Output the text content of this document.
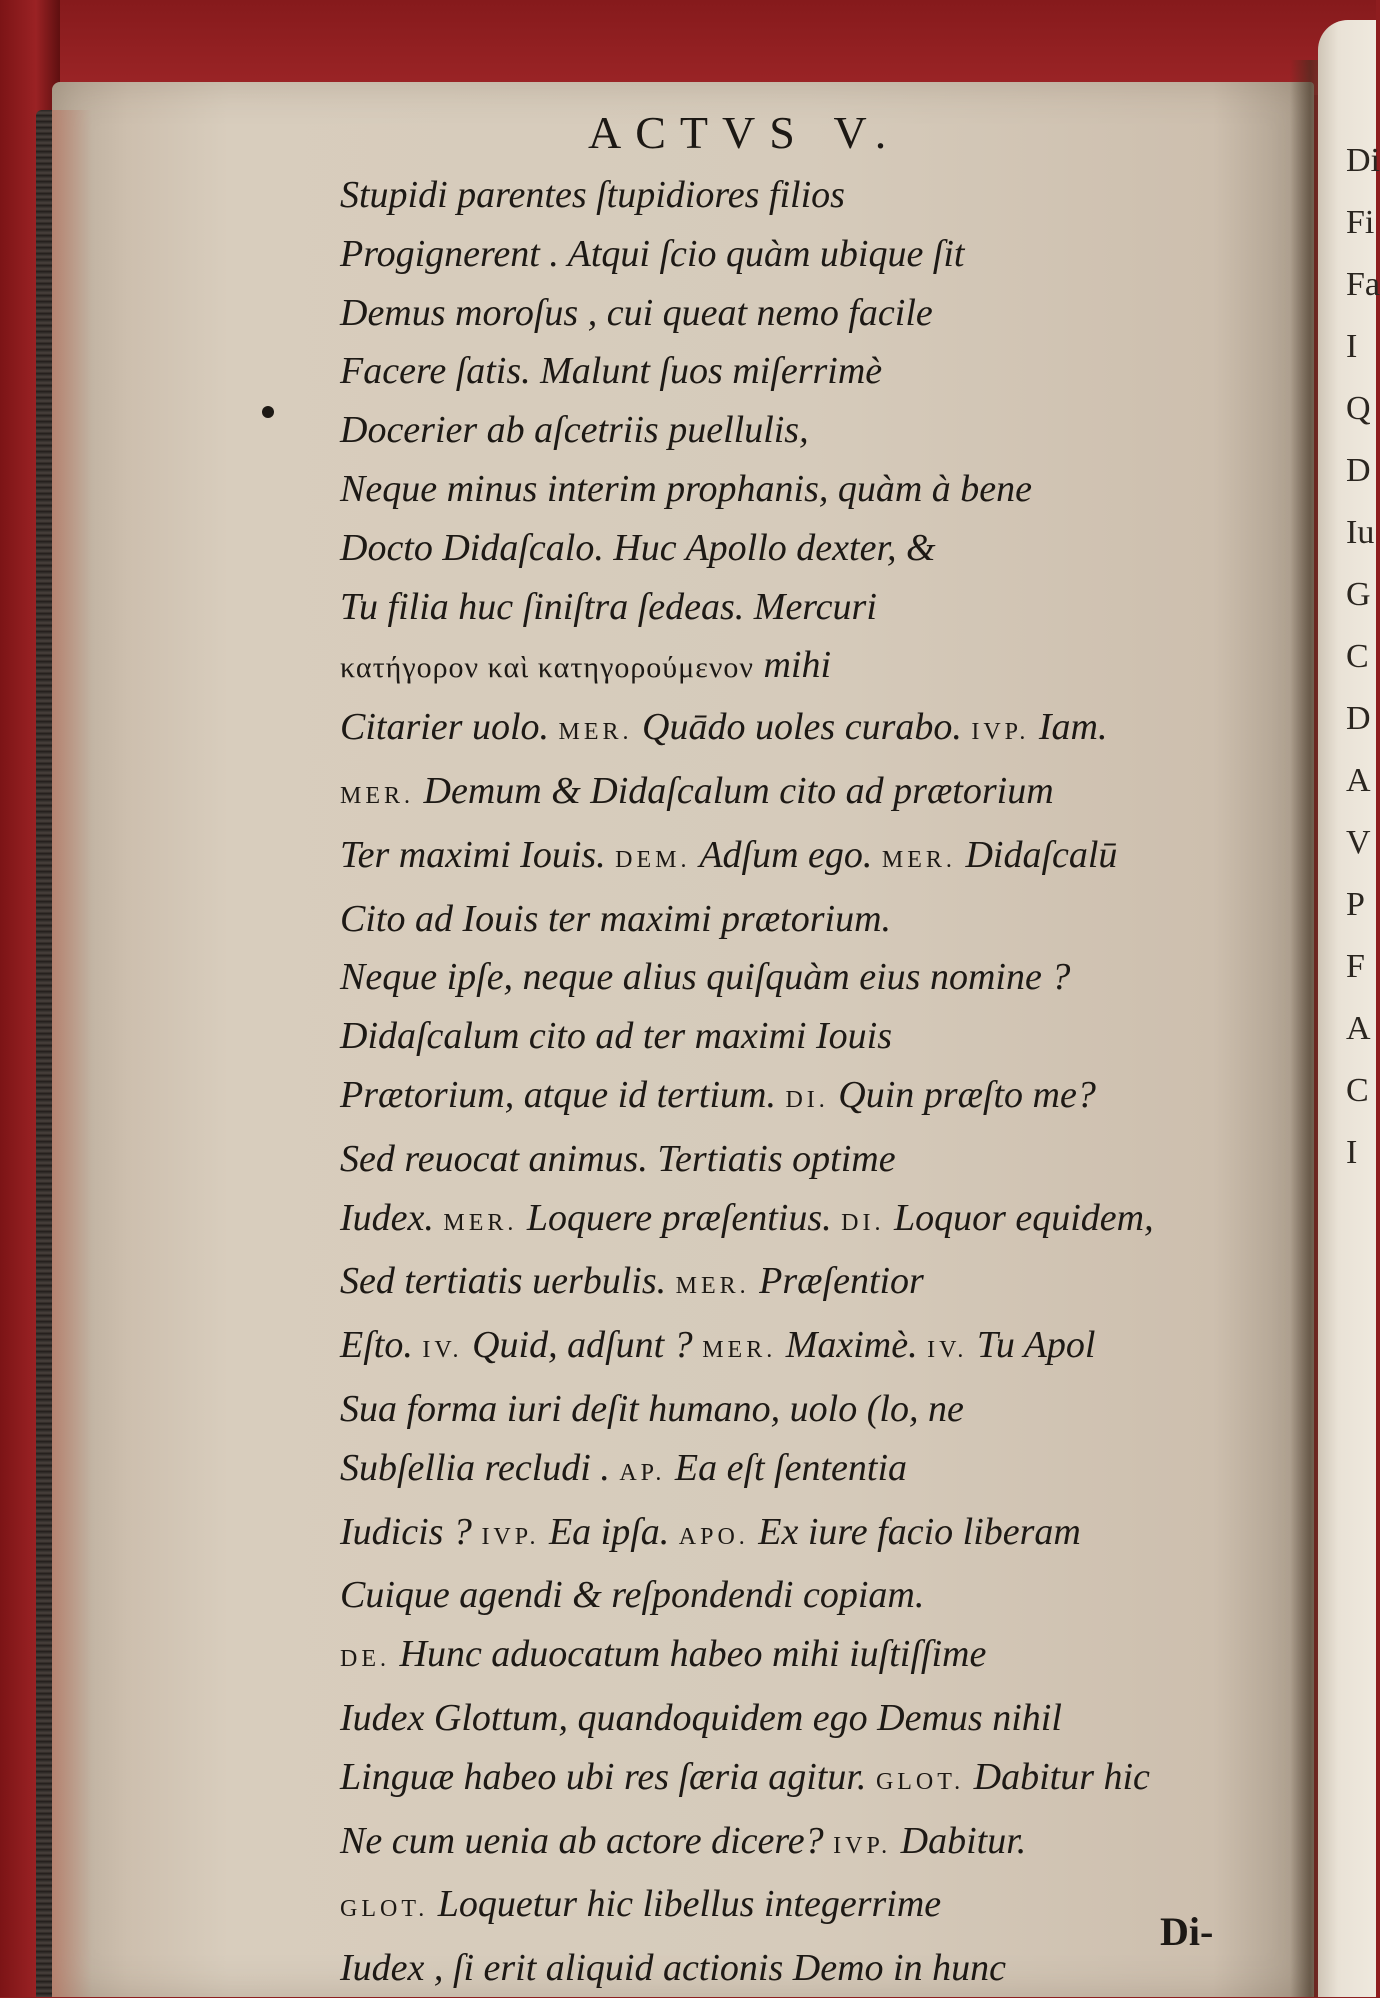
Di
Fi
Fa
I
Q
D
Iu
G
C
D
A
V
P
F
A
C
I
ACTVS V.
Stupidi parentes ſtupidiores filios
Progignerent . Atqui ſcio quàm ubique ſit
Demus moroſus , cui queat nemo facile
Facere ſatis. Malunt ſuos miſerrimè
Docerier ab aſcetriis puellulis,
Neque minus interim prophanis, quàm à bene
Docto Didaſcalo. Huc Apollo dexter, &
Tu filia huc ſiniſtra ſedeas. Mercuri
κατήγορον καὶ κατηγορούμενον mihi
Citarier uolo. MER. Quādo uoles curabo. IVP. Iam.
MER. Demum & Didaſcalum cito ad prætorium
Ter maximi Iouis. DEM. Adſum ego. MER. Didaſcalū
Cito ad Iouis ter maximi prætorium.
Neque ipſe, neque alius quiſquàm eius nomine ?
Didaſcalum cito ad ter maximi Iouis
Prætorium, atque id tertium. DI. Quin præſto me?
Sed reuocat animus. Tertiatis optime
Iudex. MER. Loquere præſentius. DI. Loquor equidem,
Sed tertiatis uerbulis. MER. Præſentior
Eſto. IV. Quid, adſunt ? MER. Maximè. IV. Tu Apol
Sua forma iuri deſit humano, uolo (lo, ne
Subſellia recludi . AP. Ea eſt ſententia
Iudicis ? IVP. Ea ipſa. APO. Ex iure facio liberam
Cuique agendi & reſpondendi copiam.
DE. Hunc aduocatum habeo mihi iuſtiſſime
Iudex Glottum, quandoquidem ego Demus nihil
Linguæ habeo ubi res ſæria agitur. GLOT. Dabitur hic
Ne cum uenia ab actore dicere? IVP. Dabitur.
GLOT. Loquetur hic libellus integerrime
Iudex , ſi erit aliquid actionis Demo in hunc
Di-
